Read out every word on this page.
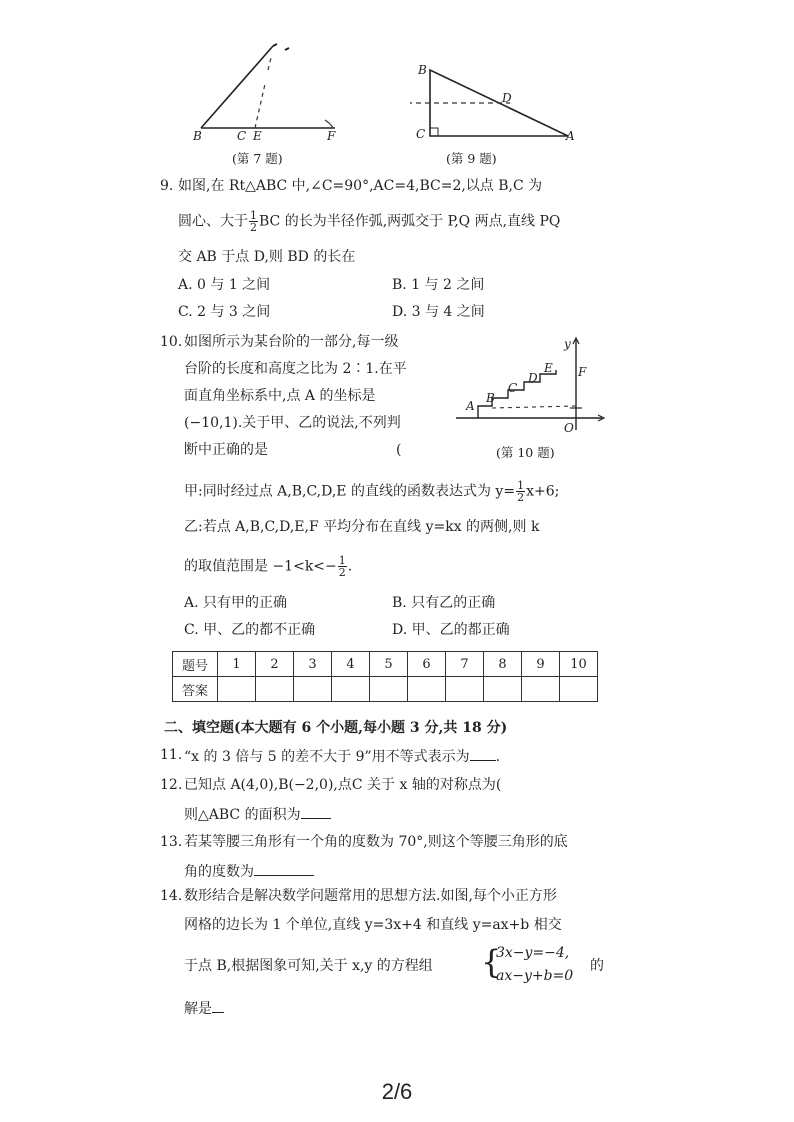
B	C E	F
(第 7 题)
B
D
C	A
(第 9 题)
9. 如图,在 Rt△ABC 中,∠C=90°,AC=4,BC=2,以点 B,C 为
圆心、大于 $\frac{1}{2}$ BC 的长为半径作弧,两弧交于 P,Q 两点,直线 PQ
交 AB 于点 D,则 BD 的长在
A. 0 与 1 之间	B. 1 与 2 之间
C. 2 与 3 之间	D. 3 与 4 之间
y
A
B
C
D
E F
O
(第 10 题)
10. 如图所示为某台阶的一部分,每一级
台阶的长度和高度之比为 2∶1.在平
面直角坐标系中,点 A 的坐标是
(−10,1).关于甲、乙的说法,不列判
断中正确的是	(
甲:同时经过点 A,B,C,D,E 的直线的函数表达式为 $y= \frac{1}{2} x+6$;
乙:若点 A,B,C,D,E,F 平均分布在直线 y=kx 的两侧,则 k
的取值范围是 $-1<k<- \frac{1}{2}$ .
A. 只有甲的正确	B. 只有乙的正确
C. 甲、乙的都不正确	D. 甲、乙的都正确
题号	1	2	3	4	5	6	7	8	9	10
答案										
二、填空题(本大题有 6 个小题,每小题 3 分,共 18 分)
11. “x 的 3 倍与 5 的差不大于 9”用不等式表示为 .
12. 已知点 A(4,0),B(−2,0),点C 关于 x 轴的对称点为(
则△ABC 的面积为
13. 若某等腰三角形有一个角的度数为 70°,则这个等腰三角形的底
角的度数为
14. 数形结合是解决数学问题常用的思想方法.如图,每个小正方形
网格的边长为 1 个单位,直线 y=3x+4 和直线 y=ax+b 相交
于点 B,根据图象可知,关于 x,y 的方程组 {
3x−y=−4,
ax−y+b=0
的
解是
2/6
